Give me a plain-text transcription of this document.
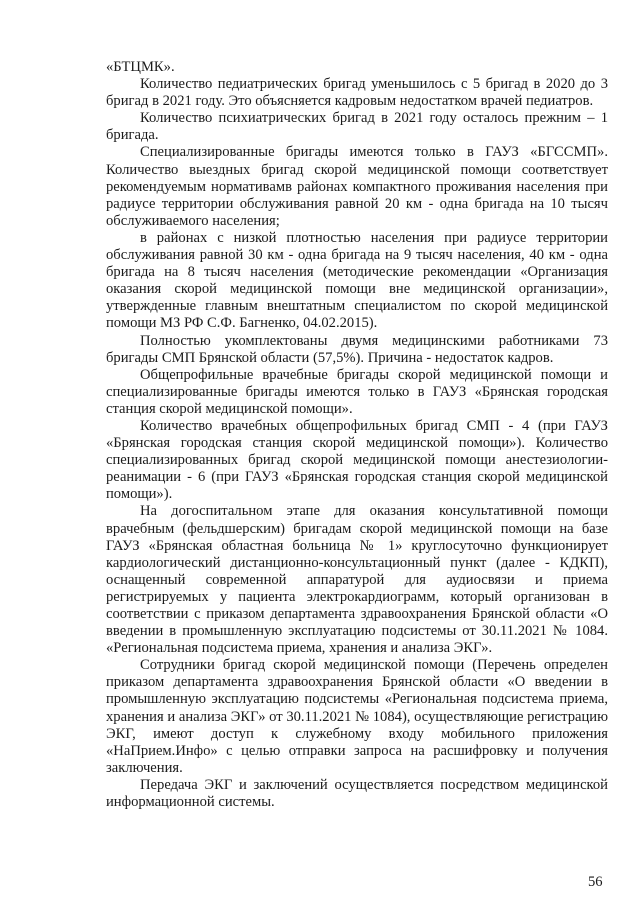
«БТЦМК».

Количество педиатрических бригад уменьшилось с 5 бригад в 2020 до 3 бригад в 2021 году. Это объясняется кадровым недостатком врачей педиатров.

Количество психиатрических бригад в 2021 году осталось прежним – 1 бригада.

Специализированные бригады имеются только в ГАУЗ «БГССМП». Количество выездных бригад скорой медицинской помощи соответствует рекомендуемым нормативамв районах компактного проживания населения при радиусе территории обслуживания равной 20 км - одна бригада на 10 тысяч обслуживаемого населения;

в районах с низкой плотностью населения при радиусе территории обслуживания равной 30 км - одна бригада на 9 тысяч населения, 40 км - одна бригада на 8 тысяч населения (методические рекомендации «Организация оказания скорой медицинской помощи вне медицинской организации», утвержденные главным внештатным специалистом по скорой медицинской помощи МЗ РФ С.Ф. Багненко, 04.02.2015).

Полностью укомплектованы двумя медицинскими работниками 73 бригады СМП Брянской области (57,5%). Причина - недостаток кадров.

Общепрофильные врачебные бригады скорой медицинской помощи и специализированные бригады имеются только в ГАУЗ «Брянская городская станция скорой медицинской помощи».

Количество врачебных общепрофильных бригад СМП - 4 (при ГАУЗ «Брянская городская станция скорой медицинской помощи»). Количество специализированных бригад скорой медицинской помощи анестезиологии-реанимации - 6 (при ГАУЗ «Брянская городская станция скорой медицинской помощи»).

На догоспитальном этапе для оказания консультативной помощи врачебным (фельдшерским) бригадам скорой медицинской помощи на базе ГАУЗ «Брянская областная больница № 1» круглосуточно функционирует кардиологический дистанционно-консультационный пункт (далее - КДКП), оснащенный современной аппаратурой для аудиосвязи и приема регистрируемых у пациента электрокардиограмм, который организован в соответствии с приказом департамента здравоохранения Брянской области «О введении в промышленную эксплуатацию подсистемы от 30.11.2021 № 1084. «Региональная подсистема приема, хранения и анализа ЭКГ».

Сотрудники бригад скорой медицинской помощи (Перечень определен приказом департамента здравоохранения Брянской области «О введении в промышленную эксплуатацию подсистемы «Региональная подсистема приема, хранения и анализа ЭКГ» от 30.11.2021 № 1084), осуществляющие регистрацию ЭКГ, имеют доступ к служебному входу мобильного приложения «НаПрием.Инфо» с целью отправки запроса на расшифровку и получения заключения.

Передача ЭКГ и заключений осуществляется посредством медицинской информационной системы.

56
